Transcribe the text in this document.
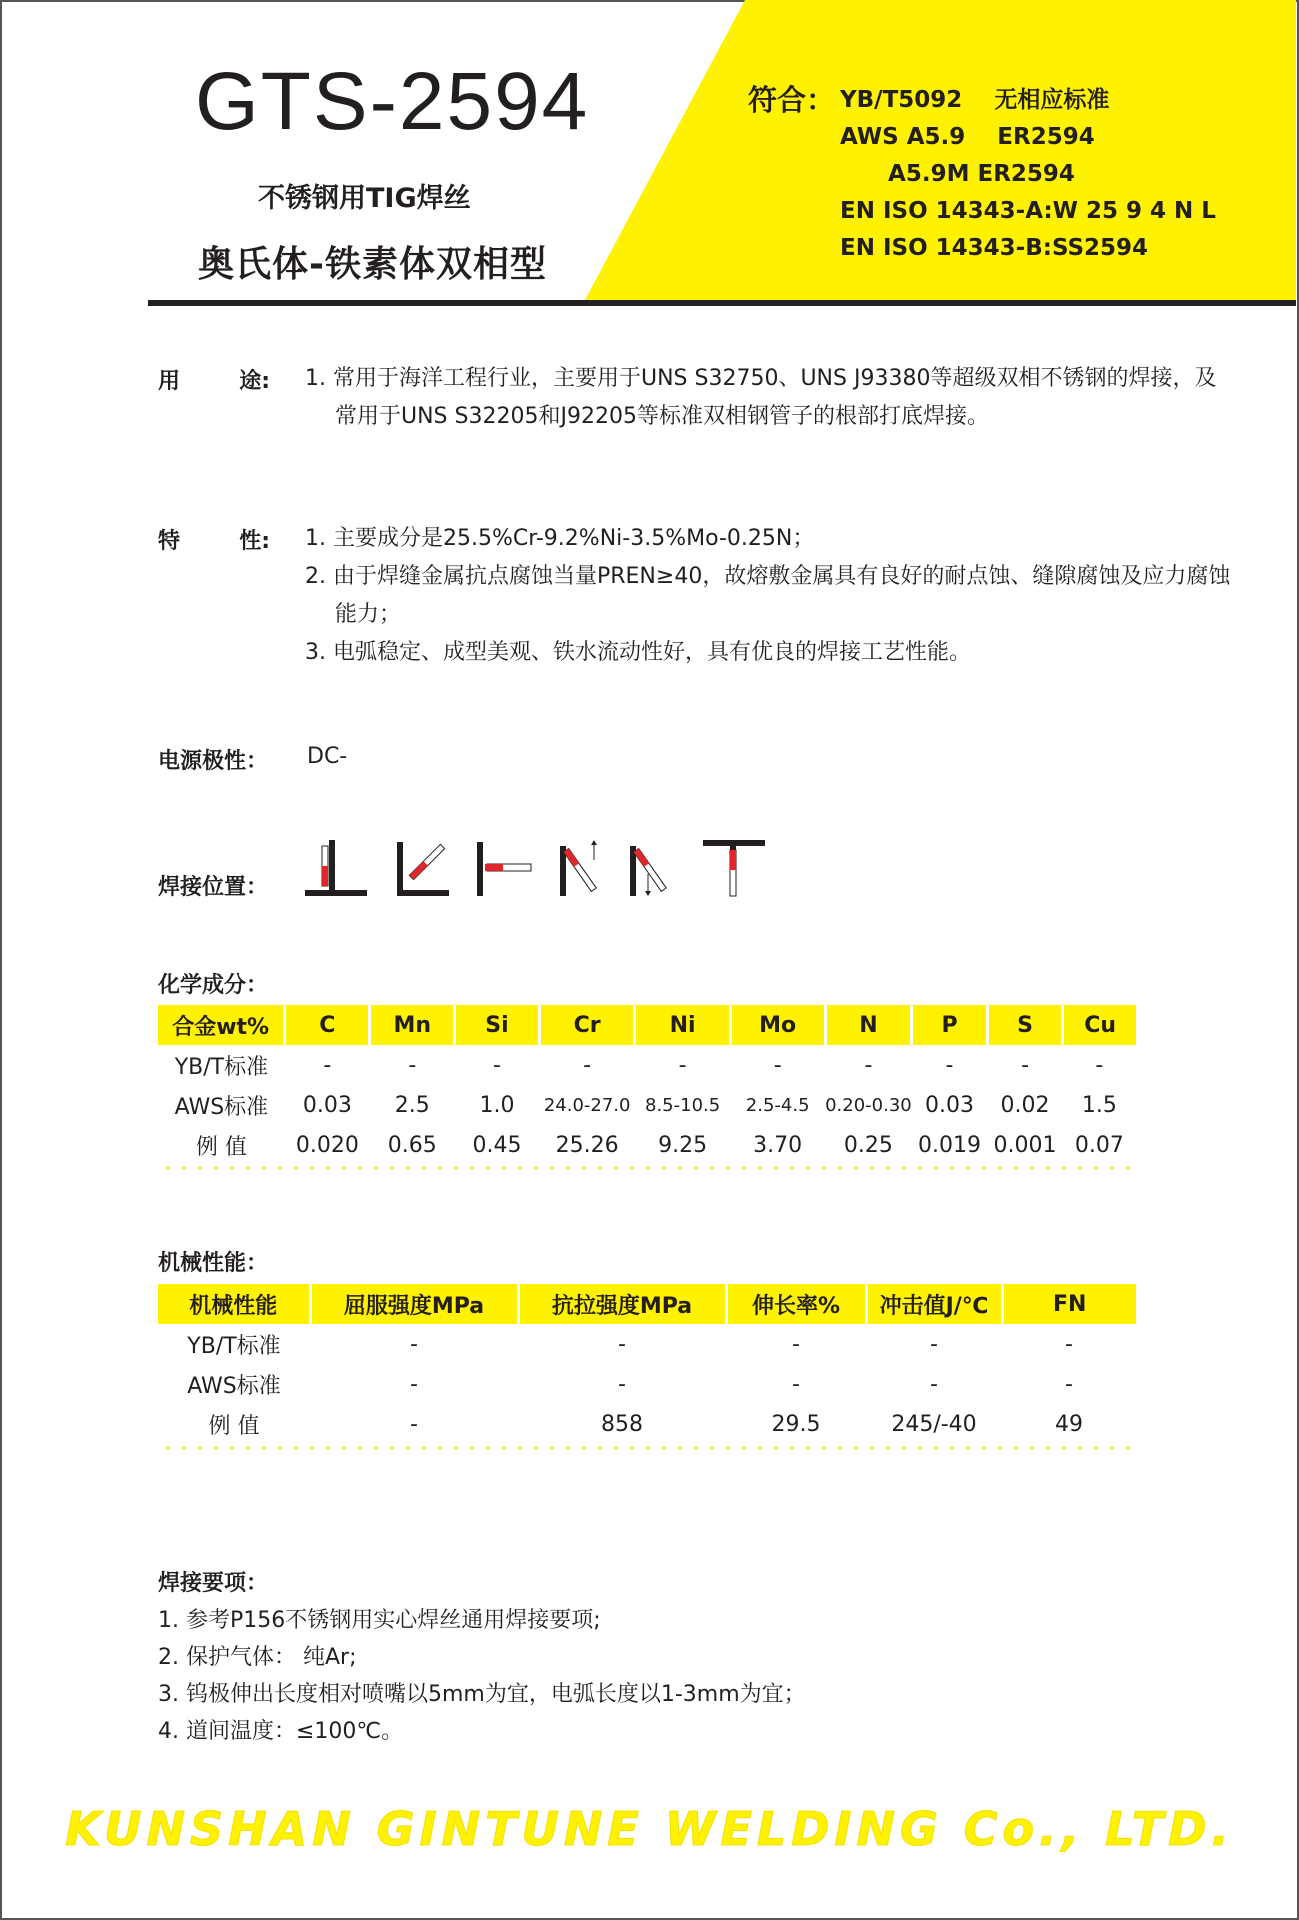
GTS-2594
不锈钢用TIG焊丝
奥氏体-铁素体双相型
符合： YB/T5092    无相应标准
AWS A5.9    ER2594
A5.9M ER2594
EN ISO 14343-A:W 25 9 4 N L
EN ISO 14343-B:SS2594
用	途: 1. 常用于海洋工程行业，主要用于UNS S32750、UNS J93380等超级双相不锈钢的焊接，及常用于UNS S32205和J92205等标准双相钢管子的根部打底焊接。
特	性: 1. 主要成分是25.5%Cr-9.2%Ni-3.5%Mo-0.25N；
2. 由于焊缝金属抗点腐蚀当量PREN≥40，故熔敷金属具有良好的耐点蚀、缝隙腐蚀及应力腐蚀能力；
3. 电弧稳定、成型美观、铁水流动性好，具有优良的焊接工艺性能。
电源极性： DC-
焊接位置：
化学成分：
合金wt%	C	Mn	Si	Cr	Ni	Mo	N	P	S	Cu
YB/T标准	-	-	-	-	-	-	-	-	-	-
AWS标准	0.03	2.5	1.0	24.0-27.0	8.5-10.5	2.5-4.5	0.20-0.30	0.03	0.02	1.5
例 值	0.020	0.65	0.45	25.26	9.25	3.70	0.25	0.019	0.001	0.07
机械性能：
机械性能	屈服强度MPa	抗拉强度MPa	伸长率%	冲击值J/℃	FN
YB/T标准	-	-	-	-	-
AWS标准	-	-	-	-	-
例 值	-	858	29.5	245/-40	49
焊接要项：
1. 参考P156不锈钢用实心焊丝通用焊接要项;
2. 保护气体： 纯Ar;
3. 钨极伸出长度相对喷嘴以5mm为宜，电弧长度以1-3mm为宜；
4. 道间温度：≤100℃。
KUNSHAN GINTUNE WELDING Co., LTD.
